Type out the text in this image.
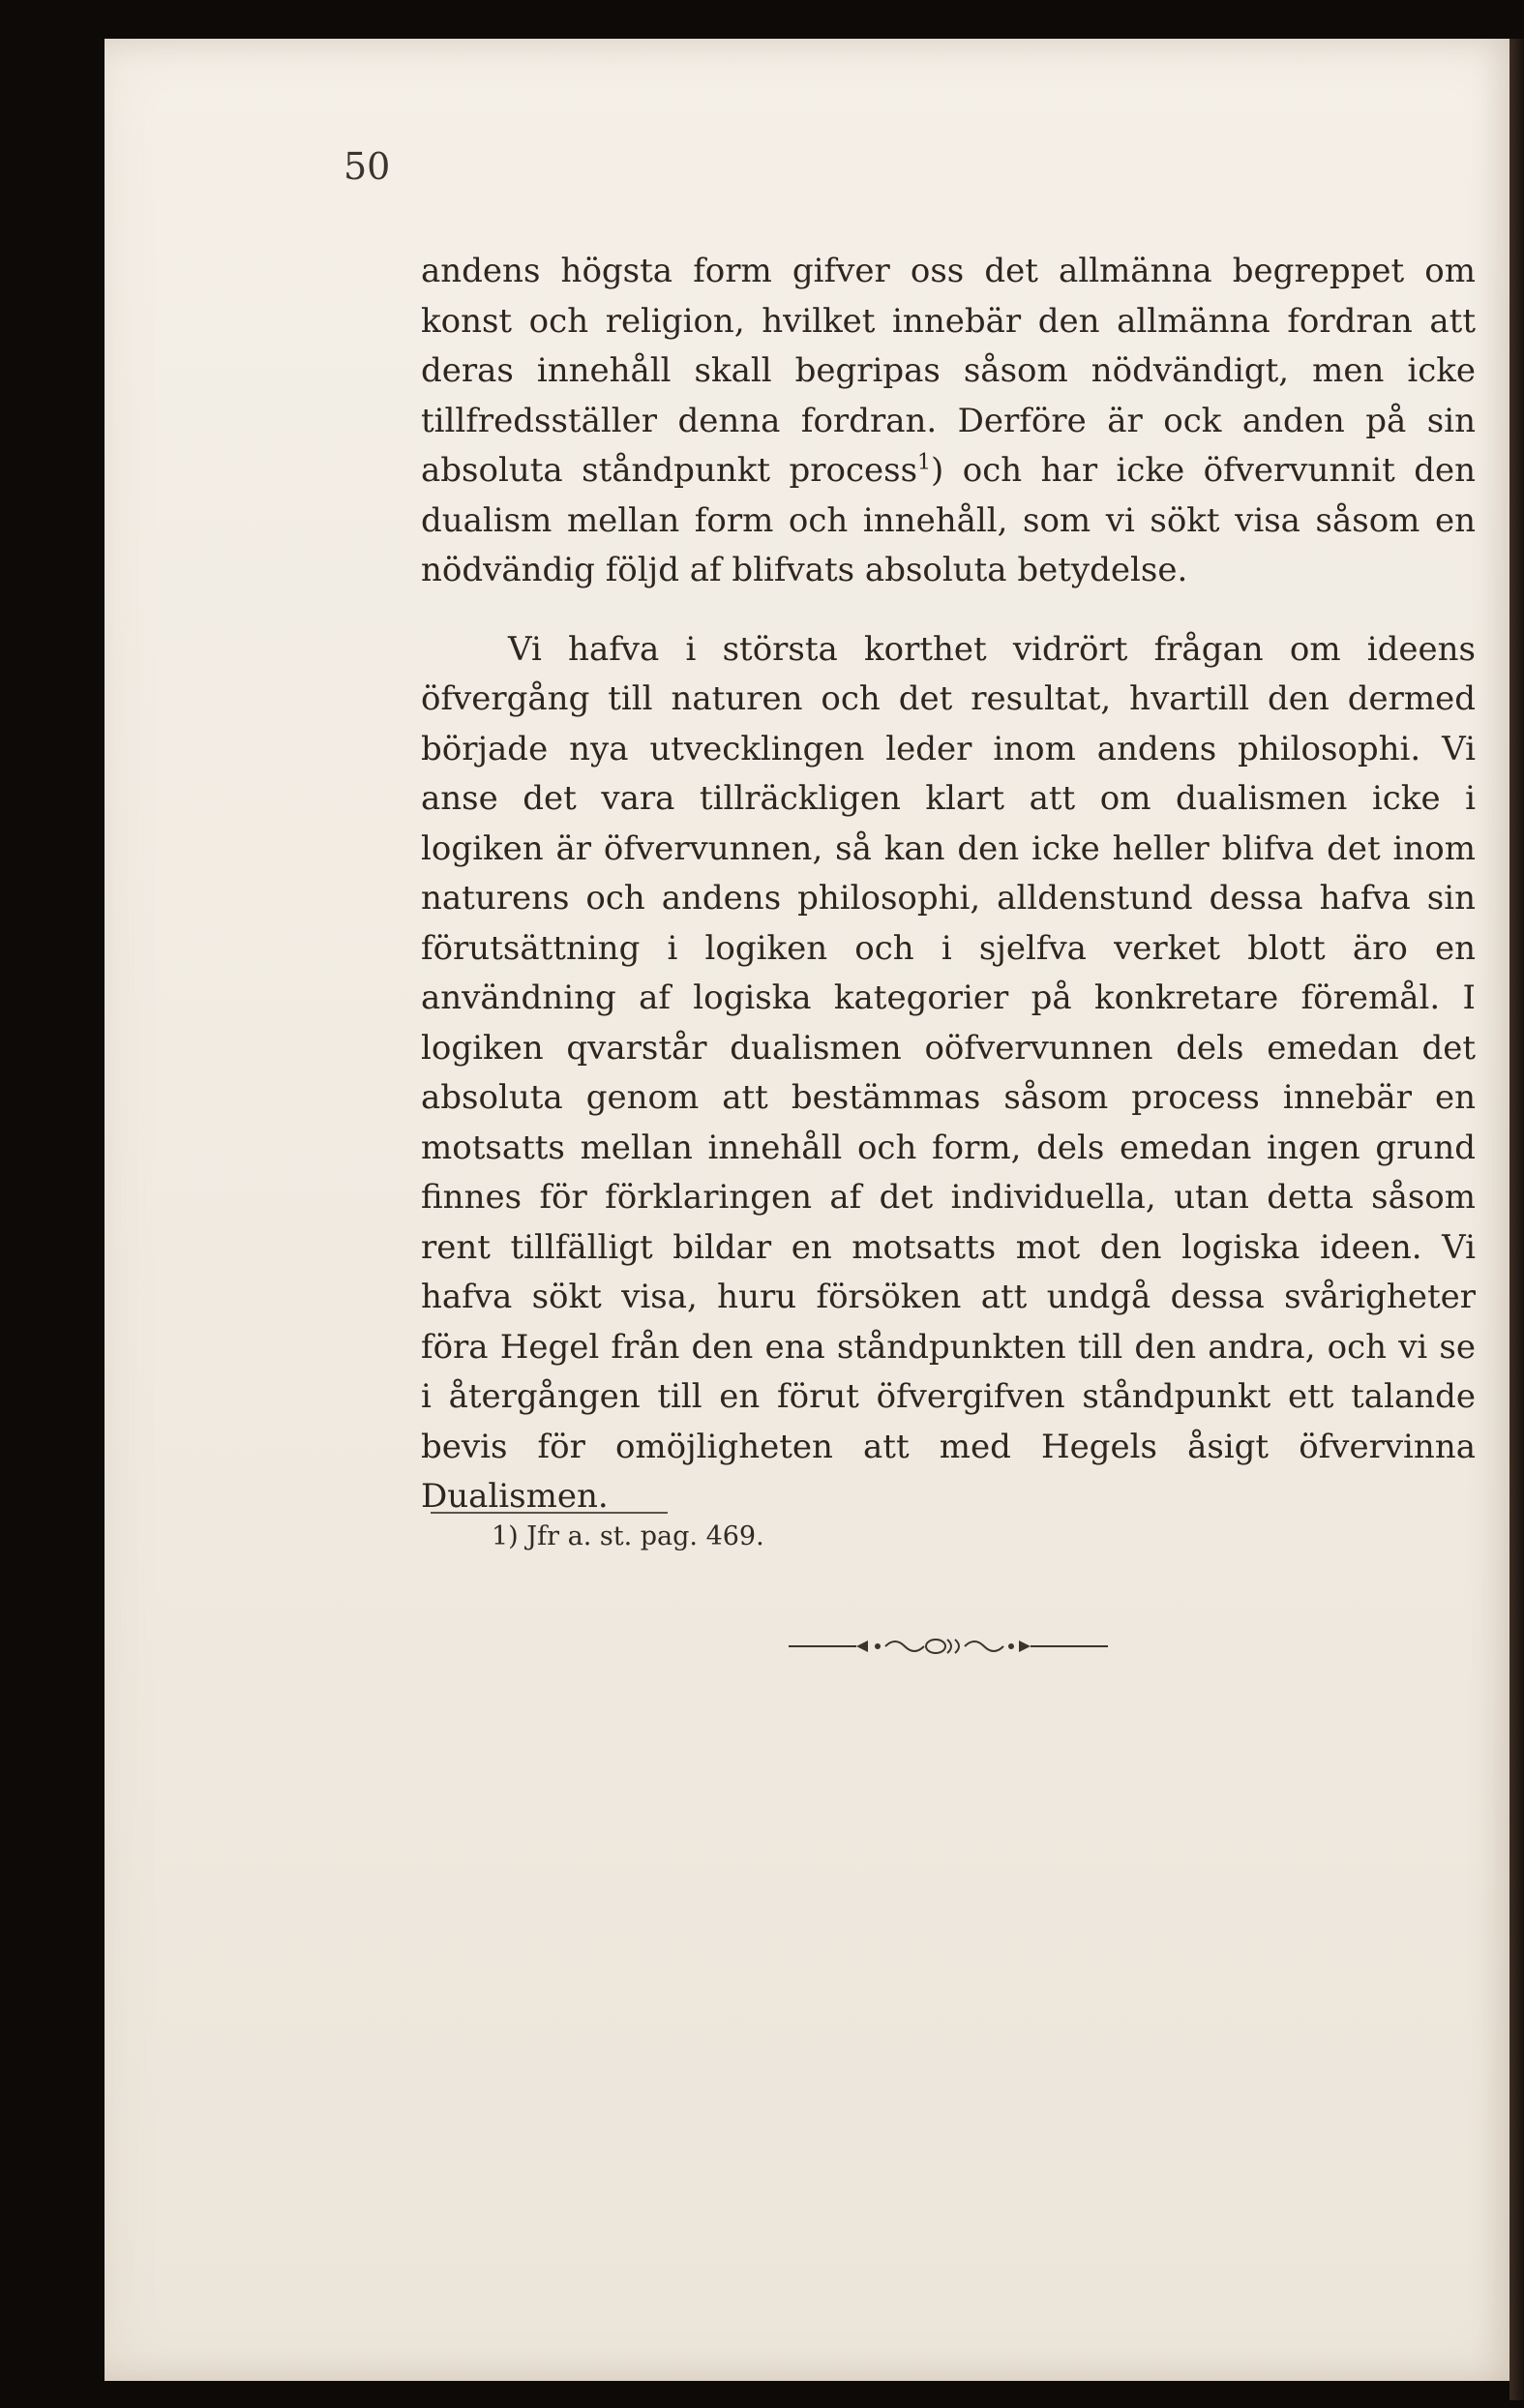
50

andens högsta form gifver oss det allmänna begreppet om konst och religion, hvilket innebär den allmänna fordran att deras innehåll skall begripas såsom nödvändigt, men icke tillfredsställer denna fordran. Derföre är ock anden på sin absoluta ståndpunkt process$^1$) och har icke öfvervunnit den dualism mellan form och innehåll, som vi sökt visa såsom en nödvändig följd af blifvats absoluta betydelse.

Vi hafva i största korthet vidrört frågan om ideens öfvergång till naturen och det resultat, hvartill den dermed började nya utvecklingen leder inom andens philosophi. Vi anse det vara tillräckligen klart att om dualismen icke i logiken är öfvervunnen, så kan den icke heller blifva det inom naturens och andens philosophi, alldenstund dessa hafva sin förutsättning i logiken och i sjelfva verket blott äro en användning af logiska kategorier på konkretare föremål. I logiken qvarstår dualismen oöfvervunnen dels emedan det absoluta genom att bestämmas såsom process innebär en motsatts mellan innehåll och form, dels emedan ingen grund finnes för förklaringen af det individuella, utan detta såsom rent tillfälligt bildar en motsatts mot den logiska ideen. Vi hafva sökt visa, huru försöken att undgå dessa svårigheter föra Hegel från den ena ståndpunkten till den andra, och vi se i återgången till en förut öfvergifven ståndpunkt ett talande bevis för omöjligheten att med Hegels åsigt öfvervinna Dualismen.

1) Jfr a. st. pag. 469.
